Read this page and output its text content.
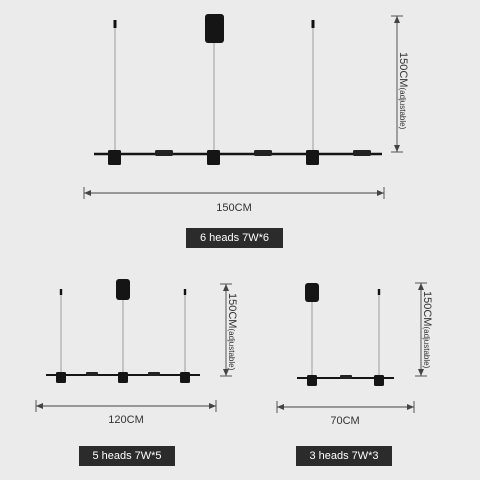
150CM
150CM(adjustable)
6 heads 7W*6
120CM
150CM(adjustable)
5 heads 7W*5
70CM
150CM(adjustable)
3 heads 7W*3
